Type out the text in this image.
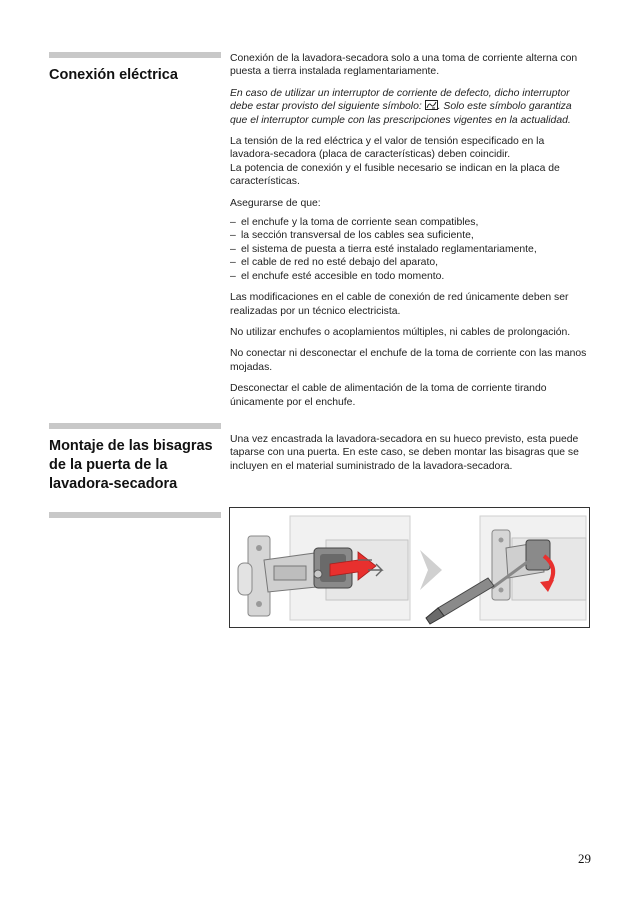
Conexión eléctrica

Conexión de la lavadora-secadora solo a una toma de corriente alterna con puesta a tierra instalada reglamentariamente.

En caso de utilizar un interruptor de corriente de defecto, dicho interruptor debe estar provisto del siguiente símbolo: . Solo este símbolo garantiza que el interruptor cumple con las prescripciones vigentes en la actualidad.

La tensión de la red eléctrica y el valor de tensión especificado en la lavadora-secadora (placa de características) deben coincidir.
La potencia de conexión y el fusible necesario se indican en la placa de características.

Asegurarse de que:

– el enchufe y la toma de corriente sean compatibles,
– la sección transversal de los cables sea suficiente,
– el sistema de puesta a tierra esté instalado reglamentariamente,
– el cable de red no esté debajo del aparato,
– el enchufe esté accesible en todo momento.

Las modificaciones en el cable de conexión de red únicamente deben ser realizadas por un técnico electricista.

No utilizar enchufes o acoplamientos múltiples, ni cables de prolongación.

No conectar ni desconectar el enchufe de la toma de corriente con las manos mojadas.

Desconectar el cable de alimentación de la toma de corriente tirando únicamente por el enchufe.

Montaje de las bisagras de la puerta de la lavadora-secadora

Una vez encastrada la lavadora-secadora en su hueco previsto, esta puede taparse con una puerta. En este caso, se deben montar las bisagras que se incluyen en el material suministrado de la lavadora-secadora.

29
